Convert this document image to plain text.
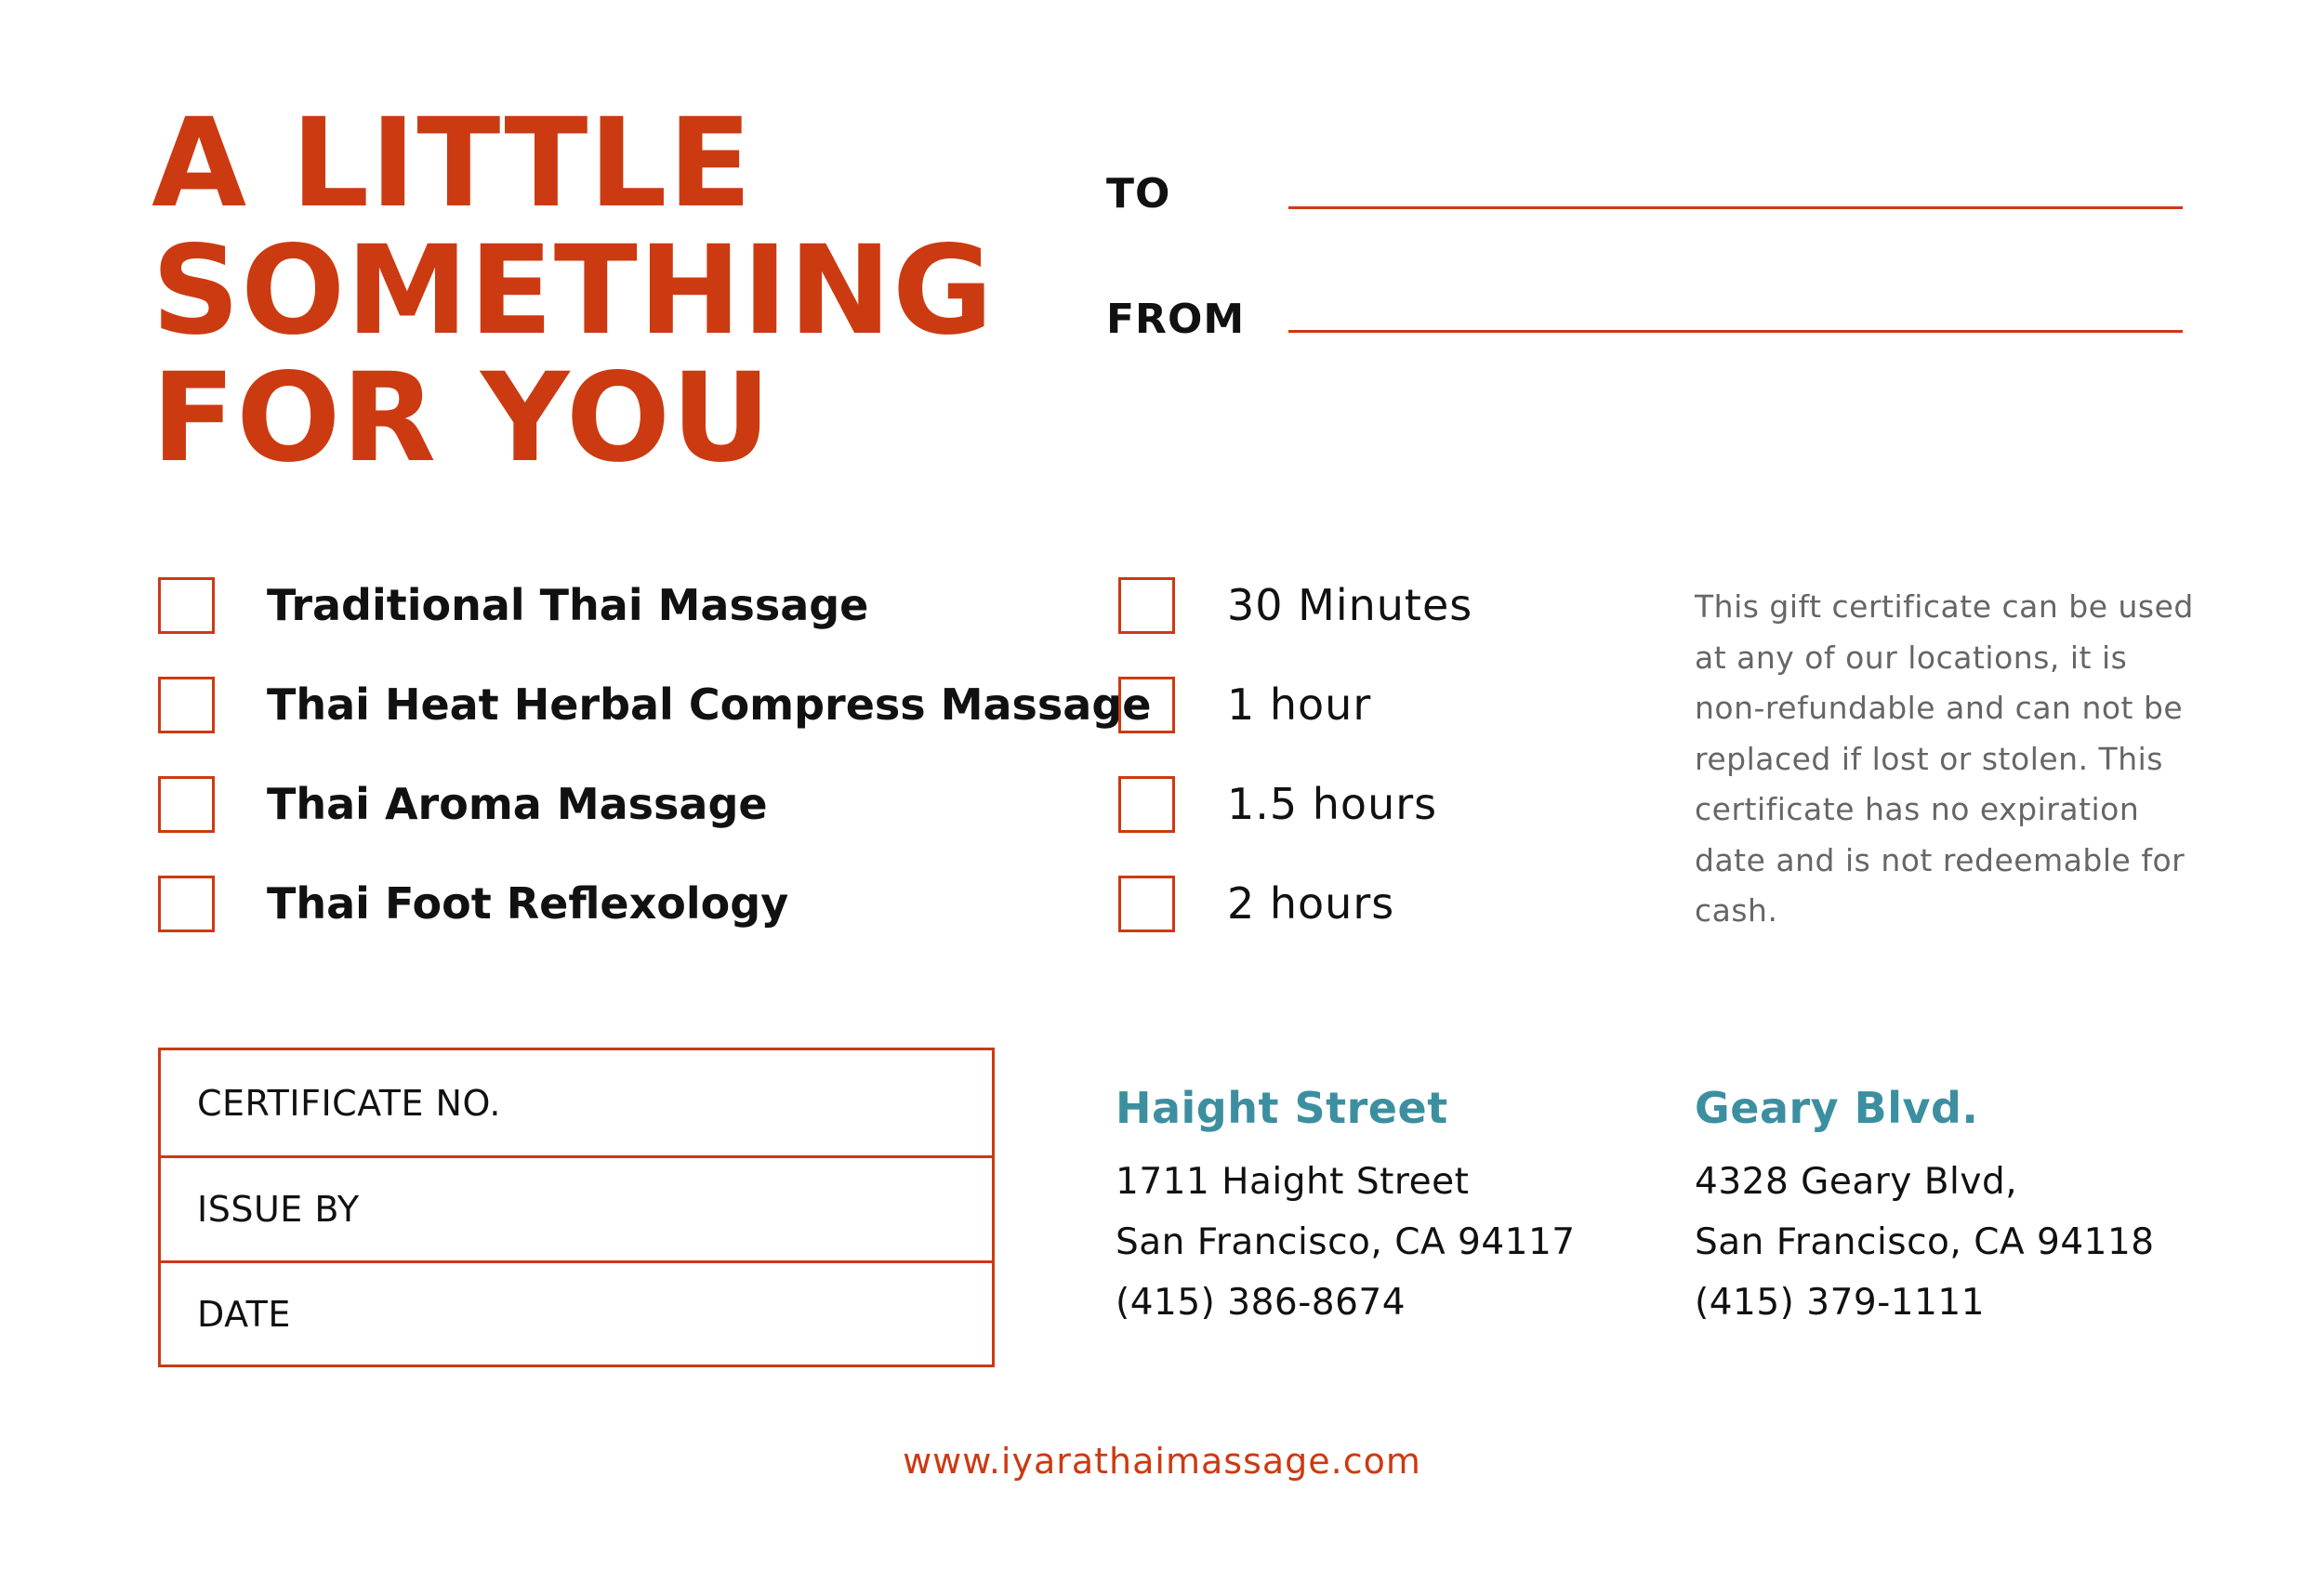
A LITTLE
SOMETHING
FOR YOU
TO
FROM
Traditional Thai Massage
Thai Heat Herbal Compress Massage
Thai Aroma Massage
Thai Foot Reflexology
30 Minutes
1 hour
1.5 hours
2 hours
This gift certificate can be used at any of our locations, it is non-refundable and can not be replaced if lost or stolen. This certificate has no expiration date and is not redeemable for cash.
CERTIFICATE NO.
ISSUE BY
DATE
Haight Street
1711 Haight Street
San Francisco, CA 94117
(415) 386-8674
Geary Blvd.
4328 Geary Blvd,
San Francisco, CA 94118
(415) 379-1111
www.iyarathaimassage.com
